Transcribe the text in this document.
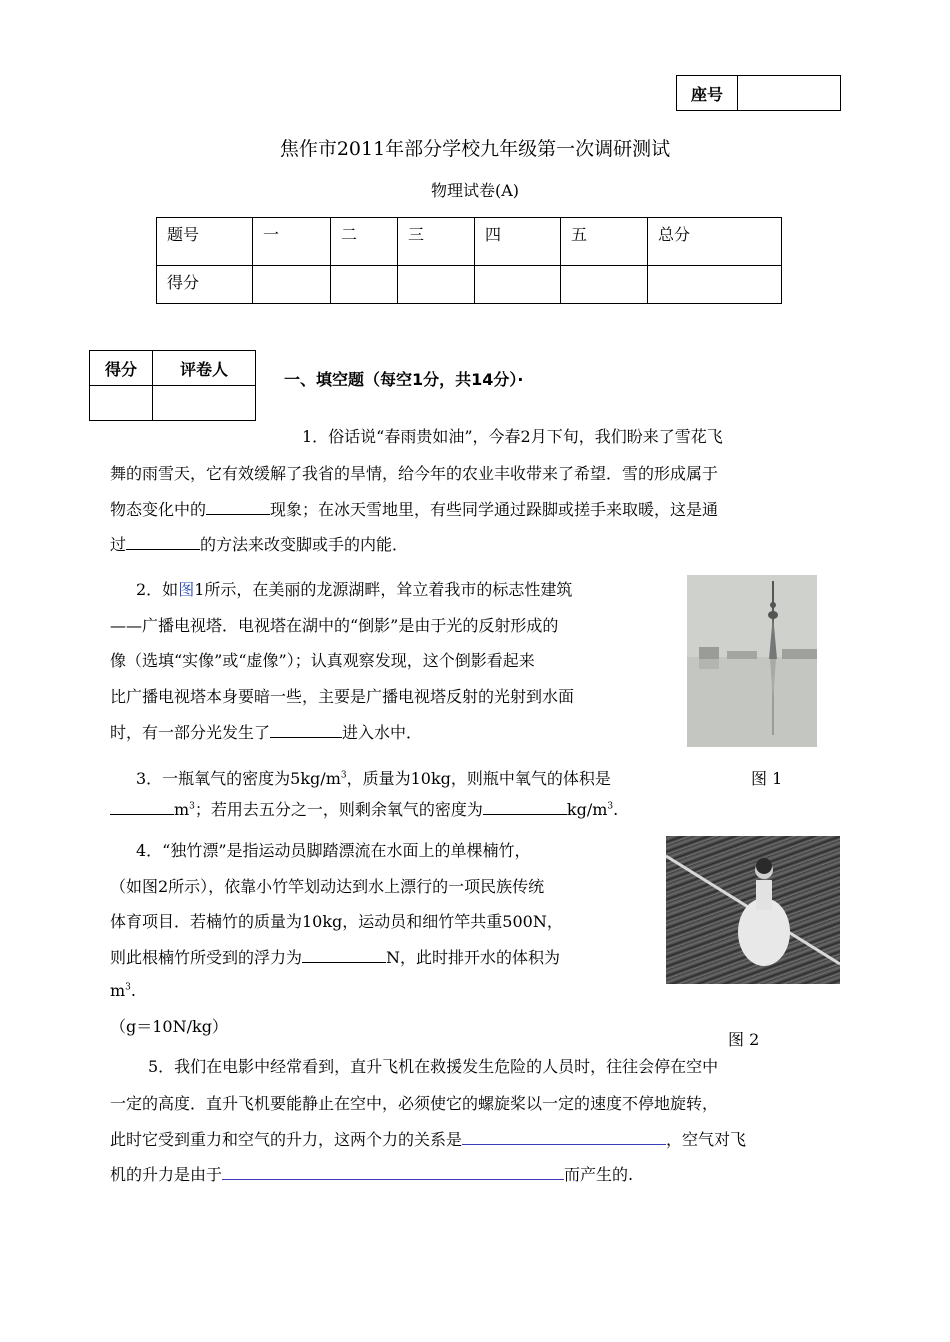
座号	
焦作市2011年部分学校九年级第一次调研测试
物理试卷(A)
题号	一	二	三	四	五	总分
得分						
得分	评卷人

一、填空题（每空1分，共14分）·
1．俗话说“春雨贵如油”，今春2月下旬，我们盼来了雪花飞
舞的雨雪天，它有效缓解了我省的旱情，给今年的农业丰收带来了希望．雪的形成属于
物态变化中的	现象；在冰天雪地里，有些同学通过跺脚或搓手来取暖，这是通
过	的方法来改变脚或手的内能．
2．如图1所示，在美丽的龙源湖畔，耸立着我市的标志性建筑
——广播电视塔．电视塔在湖中的“倒影”是由于光的反射形成的
像（选填“实像”或“虚像”）；认真观察发现，这个倒影看起来
比广播电视塔本身要暗一些，主要是广播电视塔反射的光射到水面
时，有一部分光发生了	进入水中．
3．一瓶氧气的密度为$5kg/m^3$，质量为10kg，则瓶中氧气的体积是	图 1
$m^3$；若用去五分之一，则剩余氧气的密度为	$kg/m^3$.
4．“独竹漂”是指运动员脚踏漂流在水面上的单棵楠竹，
（如图2所示），依靠小竹竿划动达到水上漂行的一项民族传统
体育项目．若楠竹的质量为10kg，运动员和细竹竿共重500N，
则此根楠竹所受到的浮力为	N，此时排开水的体积为
$m^3$.
（g＝10N/kg）
图 2
5．我们在电影中经常看到，直升飞机在救援发生危险的人员时，往往会停在空中
一定的高度．直升飞机要能静止在空中，必须使它的螺旋桨以一定的速度不停地旋转，
此时它受到重力和空气的升力，这两个力的关系是	，空气对飞
机的升力是由于	而产生的.
